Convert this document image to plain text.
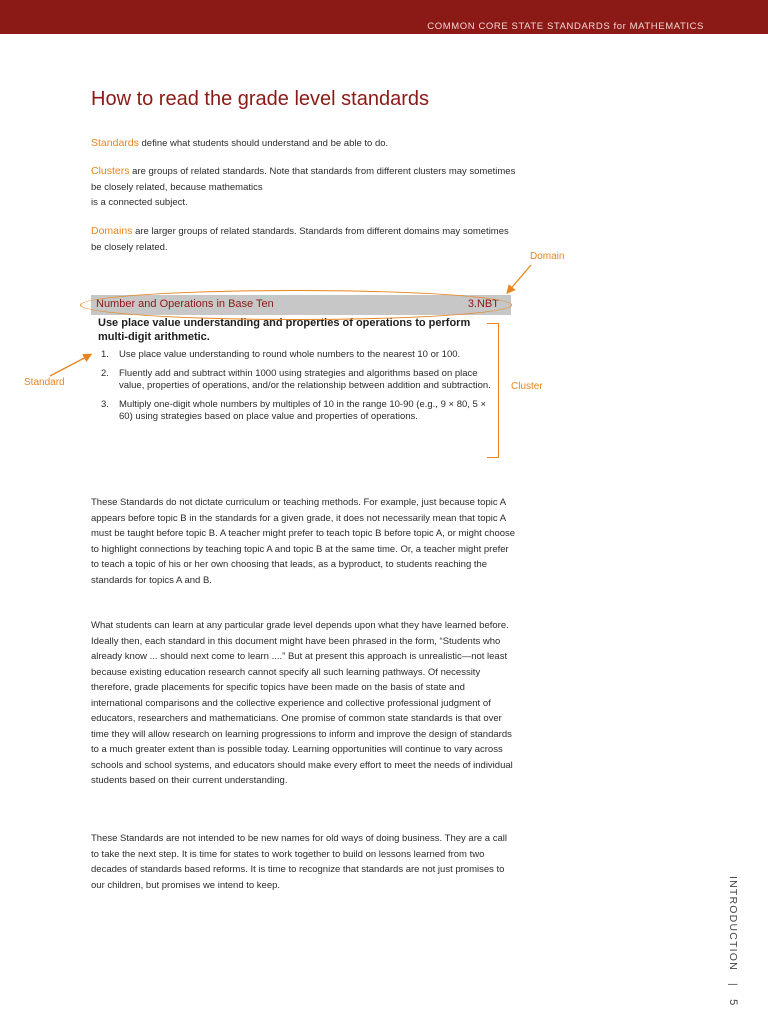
COMMON CORE STATE STANDARDS for MATHEMATICS
How to read the grade level standards

Standards define what students should understand and be able to do.

Clusters are groups of related standards. Note that standards from different clusters may sometimes be closely related, because mathematics
is a connected subject.

Domains are larger groups of related standards. Standards from different domains may sometimes be closely related.

Number and Operations in Base Ten	3.NBT
Use place value understanding and properties of operations to perform multi-digit arithmetic.
1. Use place value understanding to round whole numbers to the nearest 10 or 100.
2. Fluently add and subtract within 1000 using strategies and algorithms based on place value, properties of operations, and/or the relationship between addition and subtraction.
3. Multiply one-digit whole numbers by multiples of 10 in the range 10-90 (e.g., 9 × 80, 5 × 60) using strategies based on place value and properties of operations.
Domain
Standard	Cluster

These Standards do not dictate curriculum or teaching methods. For example, just because topic A appears before topic B in the standards for a given grade, it does not necessarily mean that topic A must be taught before topic B. A teacher might prefer to teach topic B before topic A, or might choose to highlight connections by teaching topic A and topic B at the same time. Or, a teacher might prefer to teach a topic of his or her own choosing that leads, as a byproduct, to students reaching the standards for topics A and B.

What students can learn at any particular grade level depends upon what they have learned before. Ideally then, each standard in this document might have been phrased in the form, “Students who already know ... should next come to learn ....” But at present this approach is unrealistic—not least because existing education research cannot specify all such learning pathways. Of necessity therefore, grade placements for specific topics have been made on the basis of state and international comparisons and the collective experience and collective professional judgment of educators, researchers and mathematicians. One promise of common state standards is that over time they will allow research on learning progressions to inform and improve the design of standards to a much greater extent than is possible today. Learning opportunities will continue to vary across schools and school systems, and educators should make every effort to meet the needs of individual students based on their current understanding.

These Standards are not intended to be new names for old ways of doing business. They are a call to take the next step. It is time for states to work together to build on lessons learned from two decades of standards based reforms. It is time to recognize that standards are not just promises to our children, but promises we intend to keep.	INTRODUCTION | 5
